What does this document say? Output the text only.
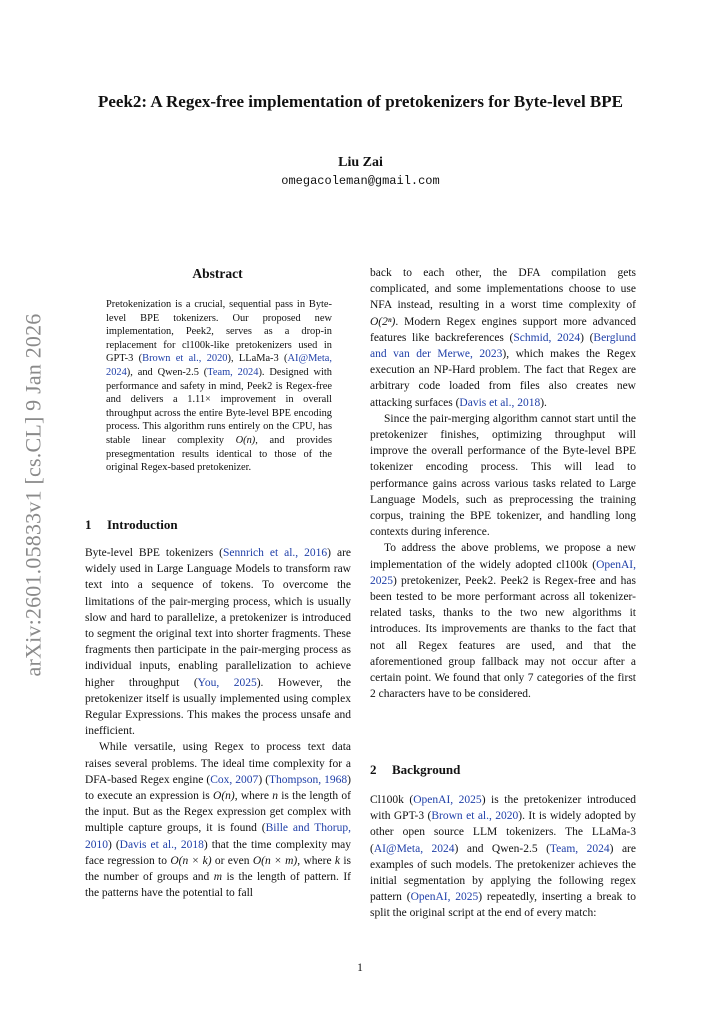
arXiv:2601.05833v1 [cs.CL] 9 Jan 2026
Peek2: A Regex-free implementation of pretokenizers for Byte-level BPE
Liu Zai
omegacoleman@gmail.com
Abstract
Pretokenization is a crucial, sequential pass in Byte-level BPE tokenizers. Our proposed new implementation, Peek2, serves as a drop-in replacement for cl100k-like pretokenizers used in GPT-3 (Brown et al., 2020), LLaMa-3 (AI@Meta, 2024), and Qwen-2.5 (Team, 2024). Designed with performance and safety in mind, Peek2 is Regex-free and delivers a 1.11× improvement in overall throughput across the entire Byte-level BPE encoding process. This algorithm runs entirely on the CPU, has stable linear complexity O(n), and provides presegmentation results identical to those of the original Regex-based pretokenizer.
1 Introduction

Byte-level BPE tokenizers (Sennrich et al., 2016) are widely used in Large Language Models to transform raw text into a sequence of tokens. To overcome the limitations of the pair-merging process, which is usually slow and hard to parallelize, a pretokenizer is introduced to segment the original text into shorter fragments. These fragments then participate in the pair-merging process as individual inputs, enabling parallelization to achieve higher throughput (You, 2025). However, the pretokenizer itself is usually implemented using complex Regular Expressions. This makes the process unsafe and inefficient.

While versatile, using Regex to process text data raises several problems. The ideal time complexity for a DFA-based Regex engine (Cox, 2007) (Thompson, 1968) to execute an expression is O(n), where n is the length of the input. But as the Regex expression get complex with multiple capture groups, it is found (Bille and Thorup, 2010) (Davis et al., 2018) that the time complexity may face regression to O(n × k) or even O(n × m), where k is the number of groups and m is the length of pattern. If the patterns have the potential to fall

back to each other, the DFA compilation gets complicated, and some implementations choose to use NFA instead, resulting in a worst time complexity of O(2ⁿ). Modern Regex engines support more advanced features like backreferences (Schmid, 2024) (Berglund and van der Merwe, 2023), which makes the Regex execution an NP-Hard problem. The fact that Regex are arbitrary code loaded from files also creates new attacking surfaces (Davis et al., 2018).

Since the pair-merging algorithm cannot start until the pretokenizer finishes, optimizing throughput will improve the overall performance of the Byte-level BPE tokenizer encoding process. This will lead to performance gains across various tasks related to Large Language Models, such as preprocessing the training corpus, training the BPE tokenizer, and handling long contexts during inference.

To address the above problems, we propose a new implementation of the widely adopted cl100k (OpenAI, 2025) pretokenizer, Peek2. Peek2 is Regex-free and has been tested to be more performant across all tokenizer-related tasks, thanks to the two new algorithms it introduces. Its improvements are thanks to the fact that not all Regex features are used, and that the aforementioned group fallback may not occur after a certain point. We found that only 7 categories of the first 2 characters have to be considered.

2 Background

Cl100k (OpenAI, 2025) is the pretokenizer introduced with GPT-3 (Brown et al., 2020). It is widely adopted by other open source LLM tokenizers. The LLaMa-3 (AI@Meta, 2024) and Qwen-2.5 (Team, 2024) are examples of such models. The pretokenizer achieves the initial segmentation by applying the following regex pattern (OpenAI, 2025) repeatedly, inserting a break to split the original script at the end of every match:

1
